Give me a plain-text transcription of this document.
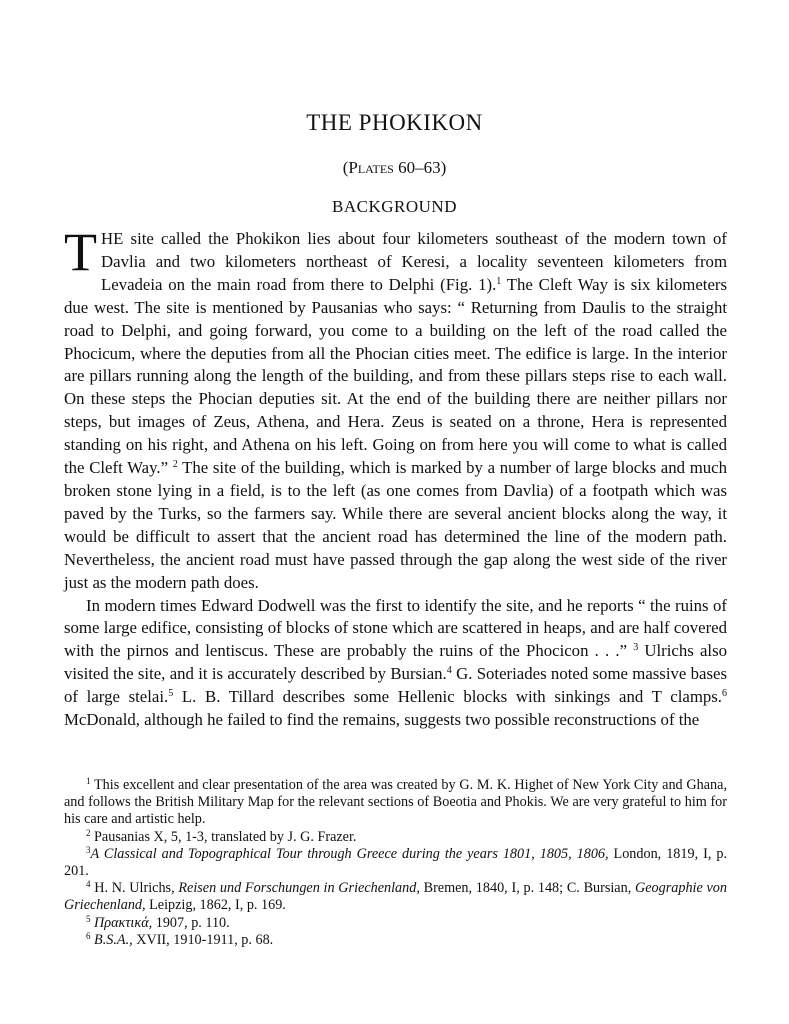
THE PHOKIKON

(Plates 60–63)

BACKGROUND

THE site called the Phokikon lies about four kilometers southeast of the modern town of Davlia and two kilometers northeast of Keresi, a locality seventeen kilometers from Levadeia on the main road from there to Delphi (Fig. 1).$^1$ The Cleft Way is six kilometers due west. The site is mentioned by Pausanias who says: “ Returning from Daulis to the straight road to Delphi, and going forward, you come to a building on the left of the road called the Phocicum, where the deputies from all the Phocian cities meet. The edifice is large. In the interior are pillars running along the length of the building, and from these pillars steps rise to each wall. On these steps the Phocian deputies sit. At the end of the building there are neither pillars nor steps, but images of Zeus, Athena, and Hera. Zeus is seated on a throne, Hera is represented standing on his right, and Athena on his left. Going on from here you will come to what is called the Cleft Way.” $^2$ The site of the building, which is marked by a number of large blocks and much broken stone lying in a field, is to the left (as one comes from Davlia) of a footpath which was paved by the Turks, so the farmers say. While there are several ancient blocks along the way, it would be difficult to assert that the ancient road has determined the line of the modern path. Nevertheless, the ancient road must have passed through the gap along the west side of the river just as the modern path does.

In modern times Edward Dodwell was the first to identify the site, and he reports “ the ruins of some large edifice, consisting of blocks of stone which are scattered in heaps, and are half covered with the pirnos and lentiscus. These are probably the ruins of the Phocicon . . .” $^3$ Ulrichs also visited the site, and it is accurately described by Bursian.$^4$ G. Soteriades noted some massive bases of large stelai.$^5$ L. B. Tillard describes some Hellenic blocks with sinkings and T clamps.$^6$ McDonald, although he failed to find the remains, suggests two possible reconstructions of the

$^1$ This excellent and clear presentation of the area was created by G. M. K. Highet of New York City and Ghana, and follows the British Military Map for the relevant sections of Boeotia and Phokis. We are very grateful to him for his care and artistic help.

$^2$ Pausanias X, 5, 1-3, translated by J. G. Frazer.

$^3$A Classical and Topographical Tour through Greece during the years 1801, 1805, 1806, London, 1819, I, p. 201.

$^4$ H. N. Ulrichs, Reisen und Forschungen in Griechenland, Bremen, 1840, I, p. 148; C. Bursian, Geographie von Griechenland, Leipzig, 1862, I, p. 169.

$^5$ Πρακτικά, 1907, p. 110.

$^6$ B.S.A., XVII, 1910-1911, p. 68.
